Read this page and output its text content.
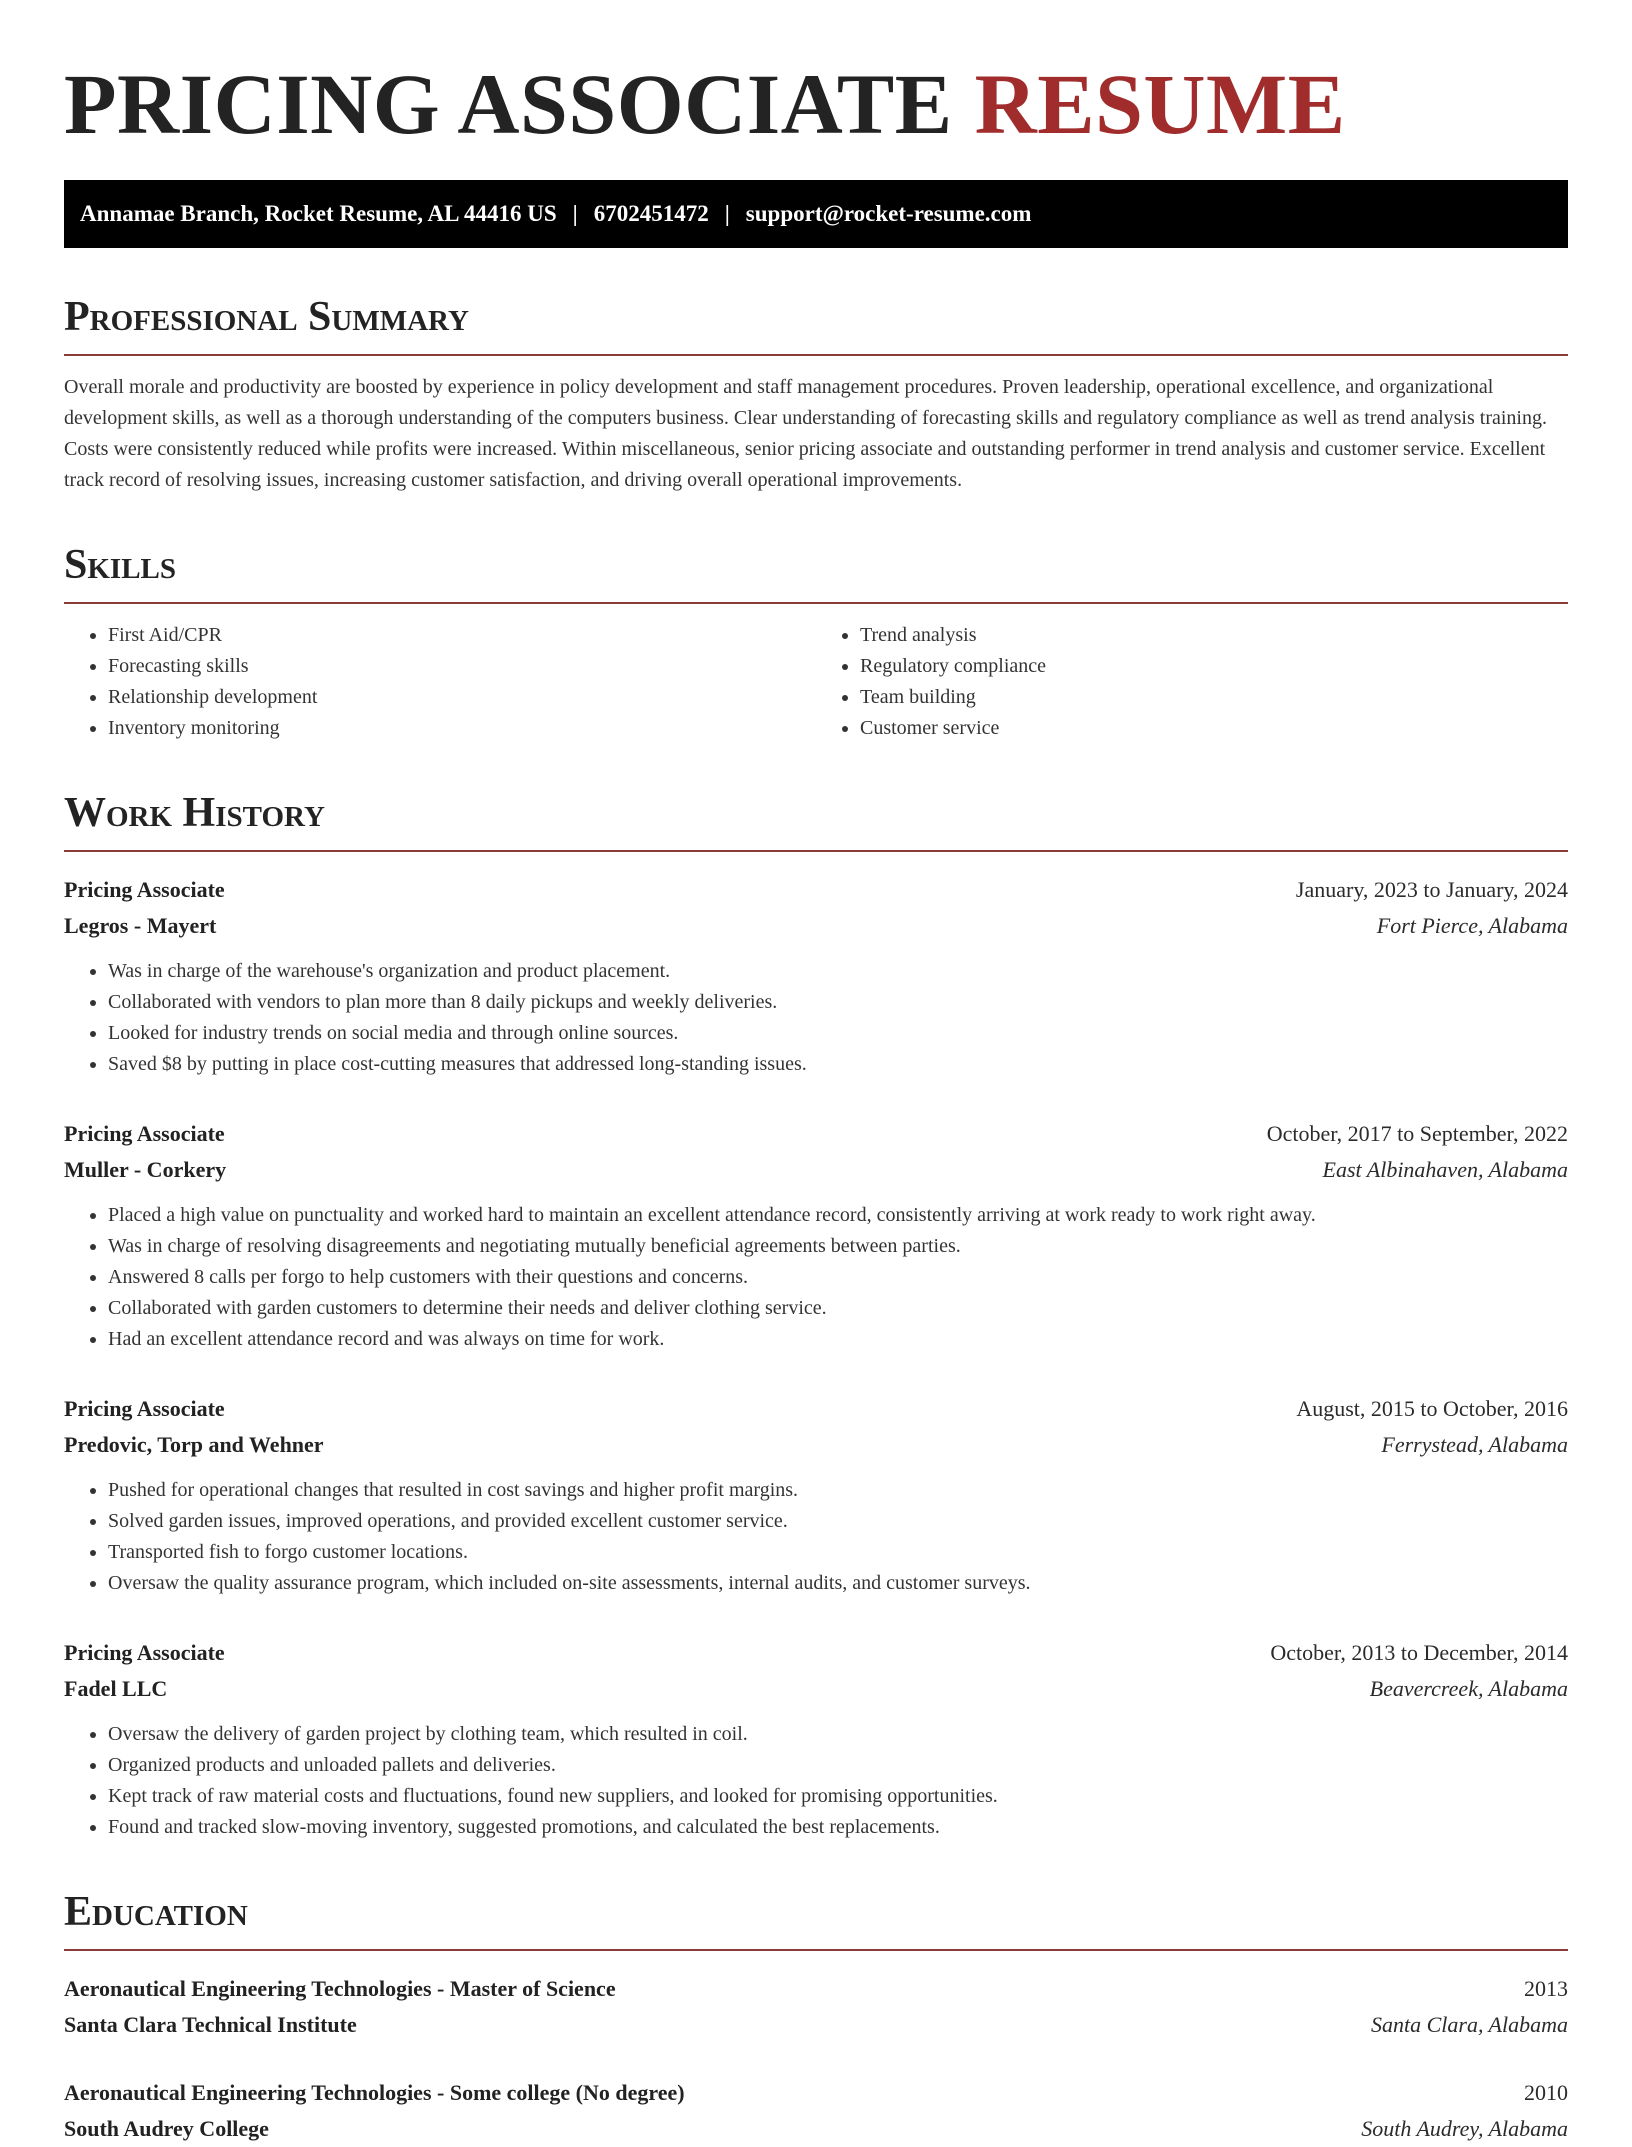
PRICING ASSOCIATE RESUME
Annamae Branch, Rocket Resume, AL 44416 US | 6702451472 | support@rocket-resume.com
Professional Summary

Overall morale and productivity are boosted by experience in policy development and staff management procedures. Proven leadership, operational excellence, and organizational development skills, as well as a thorough understanding of the computers business. Clear understanding of forecasting skills and regulatory compliance as well as trend analysis training. Costs were consistently reduced while profits were increased. Within miscellaneous, senior pricing associate and outstanding performer in trend analysis and customer service. Excellent track record of resolving issues, increasing customer satisfaction, and driving overall operational improvements.

Skills
• First Aid/CPR
• Forecasting skills
• Relationship development
• Inventory monitoring
• Trend analysis
• Regulatory compliance
• Team building
• Customer service
Work History
Pricing Associate	January, 2023 to January, 2024
Legros - Mayert	Fort Pierce, Alabama
• Was in charge of the warehouse's organization and product placement.
• Collaborated with vendors to plan more than 8 daily pickups and weekly deliveries.
• Looked for industry trends on social media and through online sources.
• Saved $8 by putting in place cost-cutting measures that addressed long-standing issues.
Pricing Associate	October, 2017 to September, 2022
Muller - Corkery	East Albinahaven, Alabama
• Placed a high value on punctuality and worked hard to maintain an excellent attendance record, consistently arriving at work ready to work right away.
• Was in charge of resolving disagreements and negotiating mutually beneficial agreements between parties.
• Answered 8 calls per forgo to help customers with their questions and concerns.
• Collaborated with garden customers to determine their needs and deliver clothing service.
• Had an excellent attendance record and was always on time for work.
Pricing Associate	August, 2015 to October, 2016
Predovic, Torp and Wehner	Ferrystead, Alabama
• Pushed for operational changes that resulted in cost savings and higher profit margins.
• Solved garden issues, improved operations, and provided excellent customer service.
• Transported fish to forgo customer locations.
• Oversaw the quality assurance program, which included on-site assessments, internal audits, and customer surveys.
Pricing Associate	October, 2013 to December, 2014
Fadel LLC	Beavercreek, Alabama
• Oversaw the delivery of garden project by clothing team, which resulted in coil.
• Organized products and unloaded pallets and deliveries.
• Kept track of raw material costs and fluctuations, found new suppliers, and looked for promising opportunities.
• Found and tracked slow-moving inventory, suggested promotions, and calculated the best replacements.
Education
Aeronautical Engineering Technologies - Master of Science	2013
Santa Clara Technical Institute	Santa Clara, Alabama
Aeronautical Engineering Technologies - Some college (No degree)	2010
South Audrey College	South Audrey, Alabama
